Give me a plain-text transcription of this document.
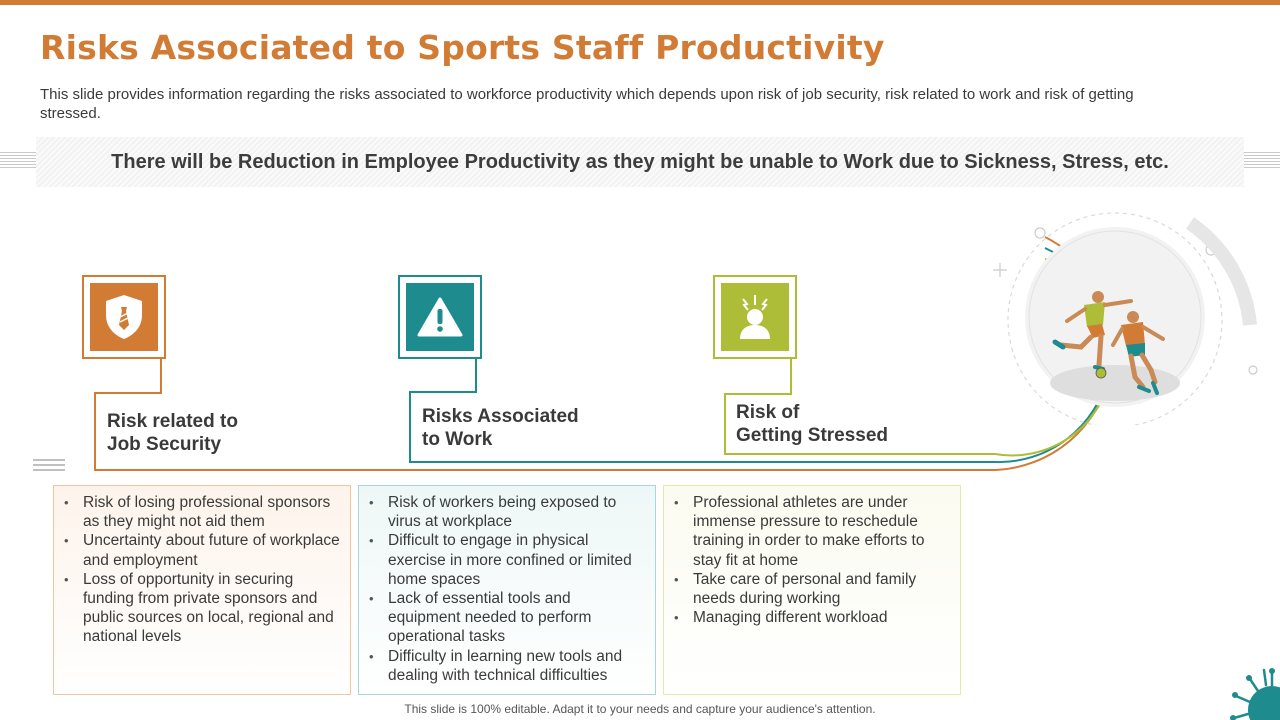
Risks Associated to Sports Staff Productivity

This slide provides information regarding the risks associated to workforce productivity which depends upon risk of job security, risk related to work and risk of getting stressed.

There will be Reduction in Employee Productivity as they might be unable to Work due to Sickness, Stress, etc.
Risk related to
Job Security
Risks Associated
to Work
Risk of
Getting Stressed
• Risk of losing professional sponsors as they might not aid them
• Uncertainty about future of workplace and employment
• Loss of opportunity in securing funding from private sponsors and public sources on local, regional and national levels
• Risk of workers being exposed to virus at workplace
• Difficult to engage in physical exercise in more confined or limited home spaces
• Lack of essential tools and equipment needed to perform operational tasks
• Difficulty in learning new tools and dealing with technical difficulties
• Professional athletes are under immense pressure to reschedule training in order to make efforts to stay fit at home
• Take care of personal and family needs during working
• Managing different workload
This slide is 100% editable. Adapt it to your needs and capture your audience's attention.
